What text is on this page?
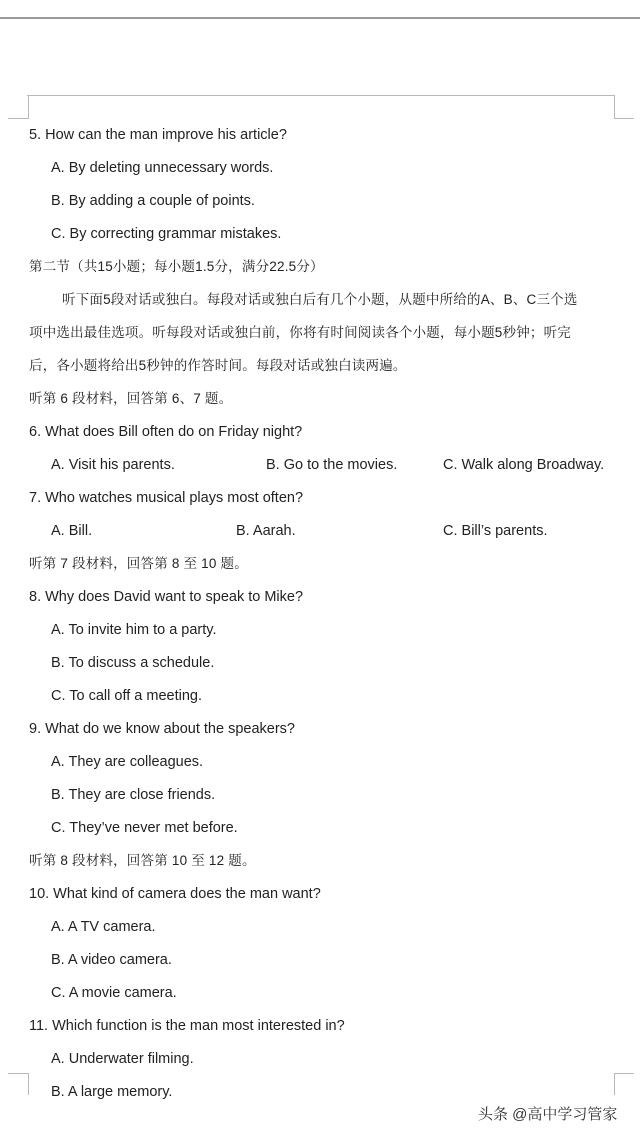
5. How can the man improve his article?
A. By deleting unnecessary words.
B. By adding a couple of points.
C. By correcting grammar mistakes.
第二节（共15小题；每小题1.5分，满分22.5分）
听下面5段对话或独白。每段对话或独白后有几个小题，从题中所给的A、B、C三个选
项中选出最佳选项。听每段对话或独白前，你将有时间阅读各个小题，每小题5秒钟；听完
后，各小题将给出5秒钟的作答时间。每段对话或独白读两遍。
听第 6 段材料，回答第 6、7 题。
6. What does Bill often do on Friday night?
A. Visit his parents.	B. Go to the movies.	C. Walk along Broadway.
7. Who watches musical plays most often?
A. Bill.	B. Aarah.	C. Bill’s parents.
听第 7 段材料，回答第 8 至 10 题。
8. Why does David want to speak to Mike?
A. To invite him to a party.
B. To discuss a schedule.
C. To call off a meeting.
9. What do we know about the speakers?
A. They are colleagues.
B. They are close friends.
C. They’ve never met before.
听第 8 段材料，回答第 10 至 12 题。
10. What kind of camera does the man want?
A. A TV camera.
B. A video camera.
C. A movie camera.
11. Which function is the man most interested in?
A. Underwater filming.
B. A large memory.
头条 @高中学习管家
